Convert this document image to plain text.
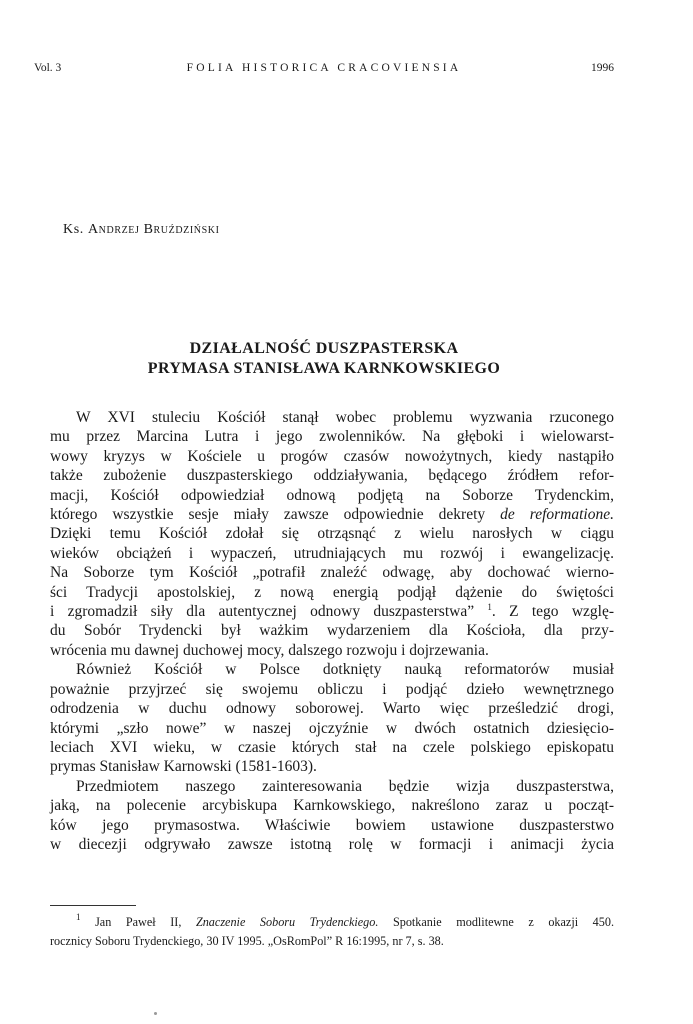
Vol. 3	FOLIA HISTORICA CRACOVIENSIA	1996
Ks. Andrzej Bruździński
DZIAŁALNOŚĆ DUSZPASTERSKA
PRYMASA STANISŁAWA KARNKOWSKIEGO

W XVI stuleciu Kościół stanął wobec problemu wyzwania rzuconego
mu przez Marcina Lutra i jego zwolenników. Na głęboki i wielowarst-
wowy kryzys w Kościele u progów czasów nowożytnych, kiedy nastąpiło
także zubożenie duszpasterskiego oddziaływania, będącego źródłem refor-
macji, Kościół odpowiedział odnową podjętą na Soborze Trydenckim,
którego wszystkie sesje miały zawsze odpowiednie dekrety de reformatione.
Dzięki temu Kościół zdołał się otrząsnąć z wielu narosłych w ciągu
wieków obciążeń i wypaczeń, utrudniających mu rozwój i ewangelizację.
Na Soborze tym Kościół „potrafił znaleźć odwagę, aby dochować wierno-
ści Tradycji apostolskiej, z nową energią podjął dążenie do świętości
i zgromadził siły dla autentycznej odnowy duszpasterstwa” $^1$. Z tego wzglę-
du Sobór Trydencki był ważkim wydarzeniem dla Kościoła, dla przy-
wrócenia mu dawnej duchowej mocy, dalszego rozwoju i dojrzewania.

Również Kościół w Polsce dotknięty nauką reformatorów musiał
poważnie przyjrzeć się swojemu obliczu i podjąć dzieło wewnętrznego
odrodzenia w duchu odnowy soborowej. Warto więc prześledzić drogi,
którymi „szło nowe” w naszej ojczyźnie w dwóch ostatnich dziesięcio-
leciach XVI wieku, w czasie których stał na czele polskiego episkopatu
prymas Stanisław Karnowski (1581-1603).

Przedmiotem naszego zainteresowania będzie wizja duszpasterstwa,
jaką, na polecenie arcybiskupa Karnkowskiego, nakreślono zaraz u począt-
ków jego prymasostwa. Właściwie bowiem ustawione duszpasterstwo
w diecezji odgrywało zawsze istotną rolę w formacji i animacji życia

$^1$ Jan Paweł II, Znaczenie Soboru Trydenckiego. Spotkanie modlitewne z okazji 450.
rocznicy Soboru Trydenckiego, 30 IV 1995. „OsRomPol” R 16:1995, nr 7, s. 38.
